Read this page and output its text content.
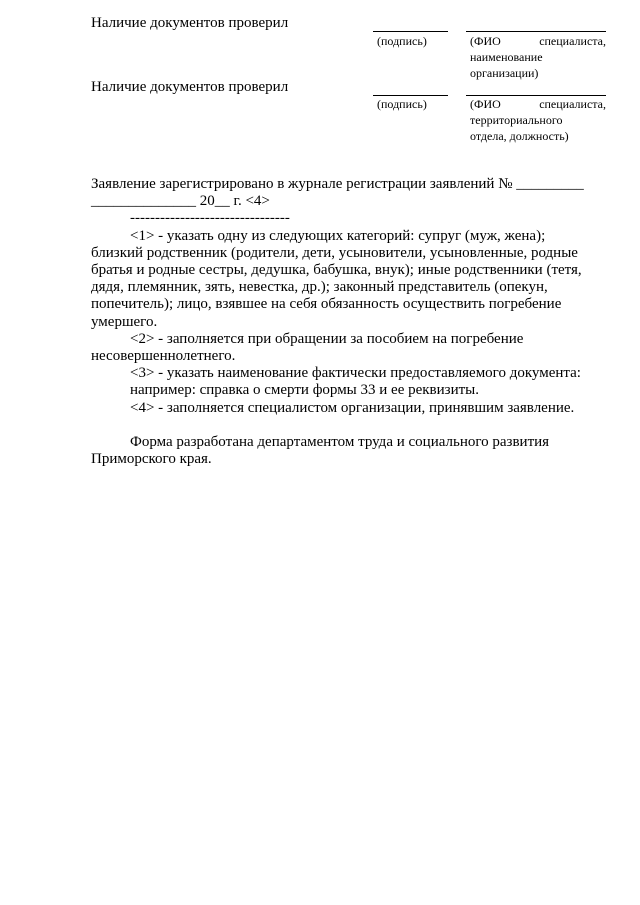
Наличие документов проверил
(подпись)	(ФИО	специалиста,
наименование
организации)
Наличие документов проверил
(подпись)	(ФИО	специалиста,
территориального
отдела, должность)
Заявление зарегистрировано в журнале регистрации заявлений № _________
______________ 20__ г. <4>
--------------------------------

<1> - указать одну из следующих категорий: супруг (муж, жена); близкий родственник (родители, дети, усыновители, усыновленные, родные братья и родные сестры, дедушка, бабушка, внук); иные родственники (тетя, дядя, племянник, зять, невестка, др.); законный представитель (опекун, попечитель); лицо, взявшее на себя обязанность осуществить погребение умершего.

<2> - заполняется при обращении за пособием на погребение несовершеннолетнего.

<3> - указать наименование фактически предоставляемого документа:
например: справка о смерти формы 33 и ее реквизиты.
<4> - заполняется специалистом организации, принявшим заявление.

Форма разработана департаментом труда и социального развития Приморского края.
